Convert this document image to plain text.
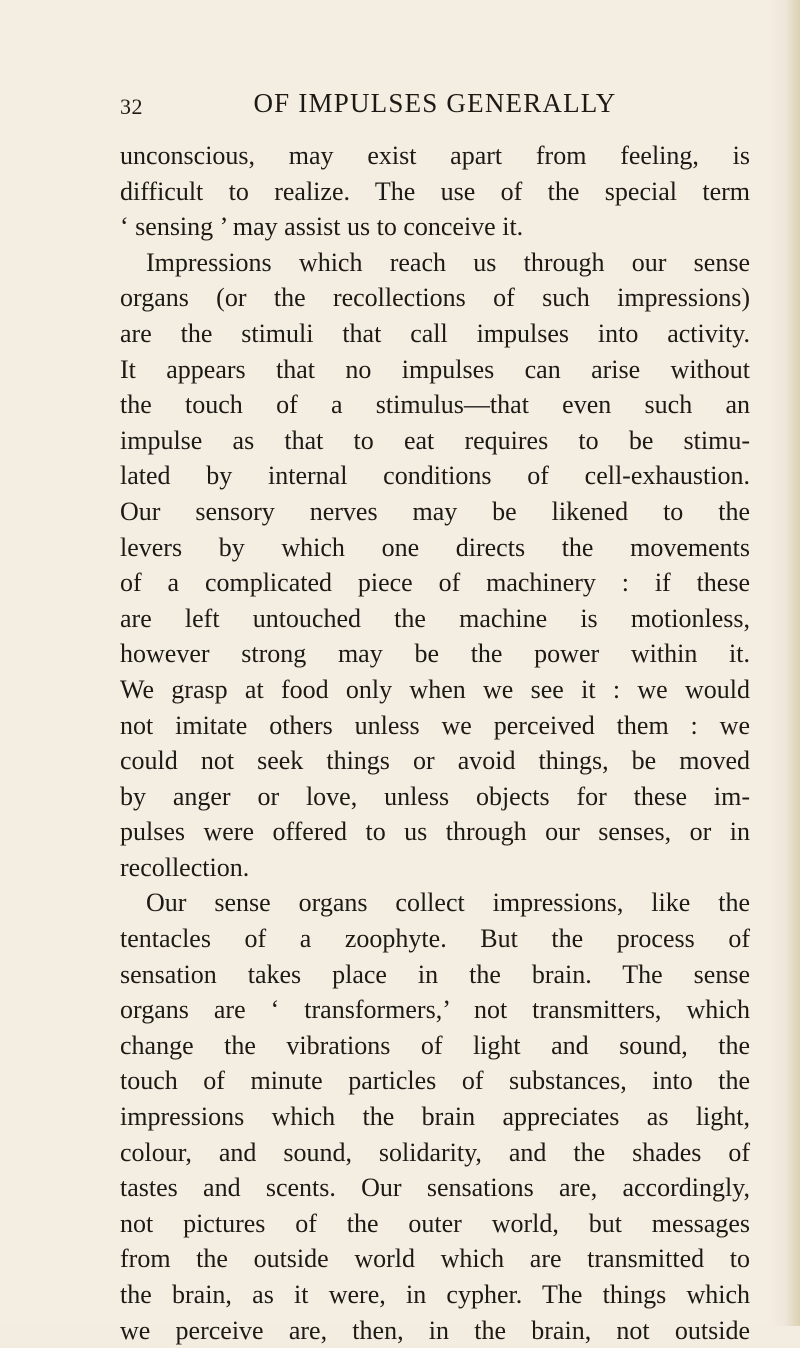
32	OF IMPULSES GENERALLY
unconscious, may exist apart from feeling, is
difficult to realize. The use of the special term
‘ sensing ’ may assist us to conceive it.
Impressions which reach us through our sense
organs (or the recollections of such impressions)
are the stimuli that call impulses into activity.
It appears that no impulses can arise without
the touch of a stimulus—that even such an
impulse as that to eat requires to be stimu-
lated by internal conditions of cell-exhaustion.
Our sensory nerves may be likened to the
levers by which one directs the movements
of a complicated piece of machinery : if these
are left untouched the machine is motionless,
however strong may be the power within it.
We grasp at food only when we see it : we would
not imitate others unless we perceived them : we
could not seek things or avoid things, be moved
by anger or love, unless objects for these im-
pulses were offered to us through our senses, or in
recollection.
Our sense organs collect impressions, like the
tentacles of a zoophyte. But the process of
sensation takes place in the brain. The sense
organs are ‘ transformers,’ not transmitters, which
change the vibrations of light and sound, the
touch of minute particles of substances, into the
impressions which the brain appreciates as light,
colour, and sound, solidarity, and the shades of
tastes and scents. Our sensations are, accordingly,
not pictures of the outer world, but messages
from the outside world which are transmitted to
the brain, as it were, in cypher. The things which
we perceive are, then, in the brain, not outside
